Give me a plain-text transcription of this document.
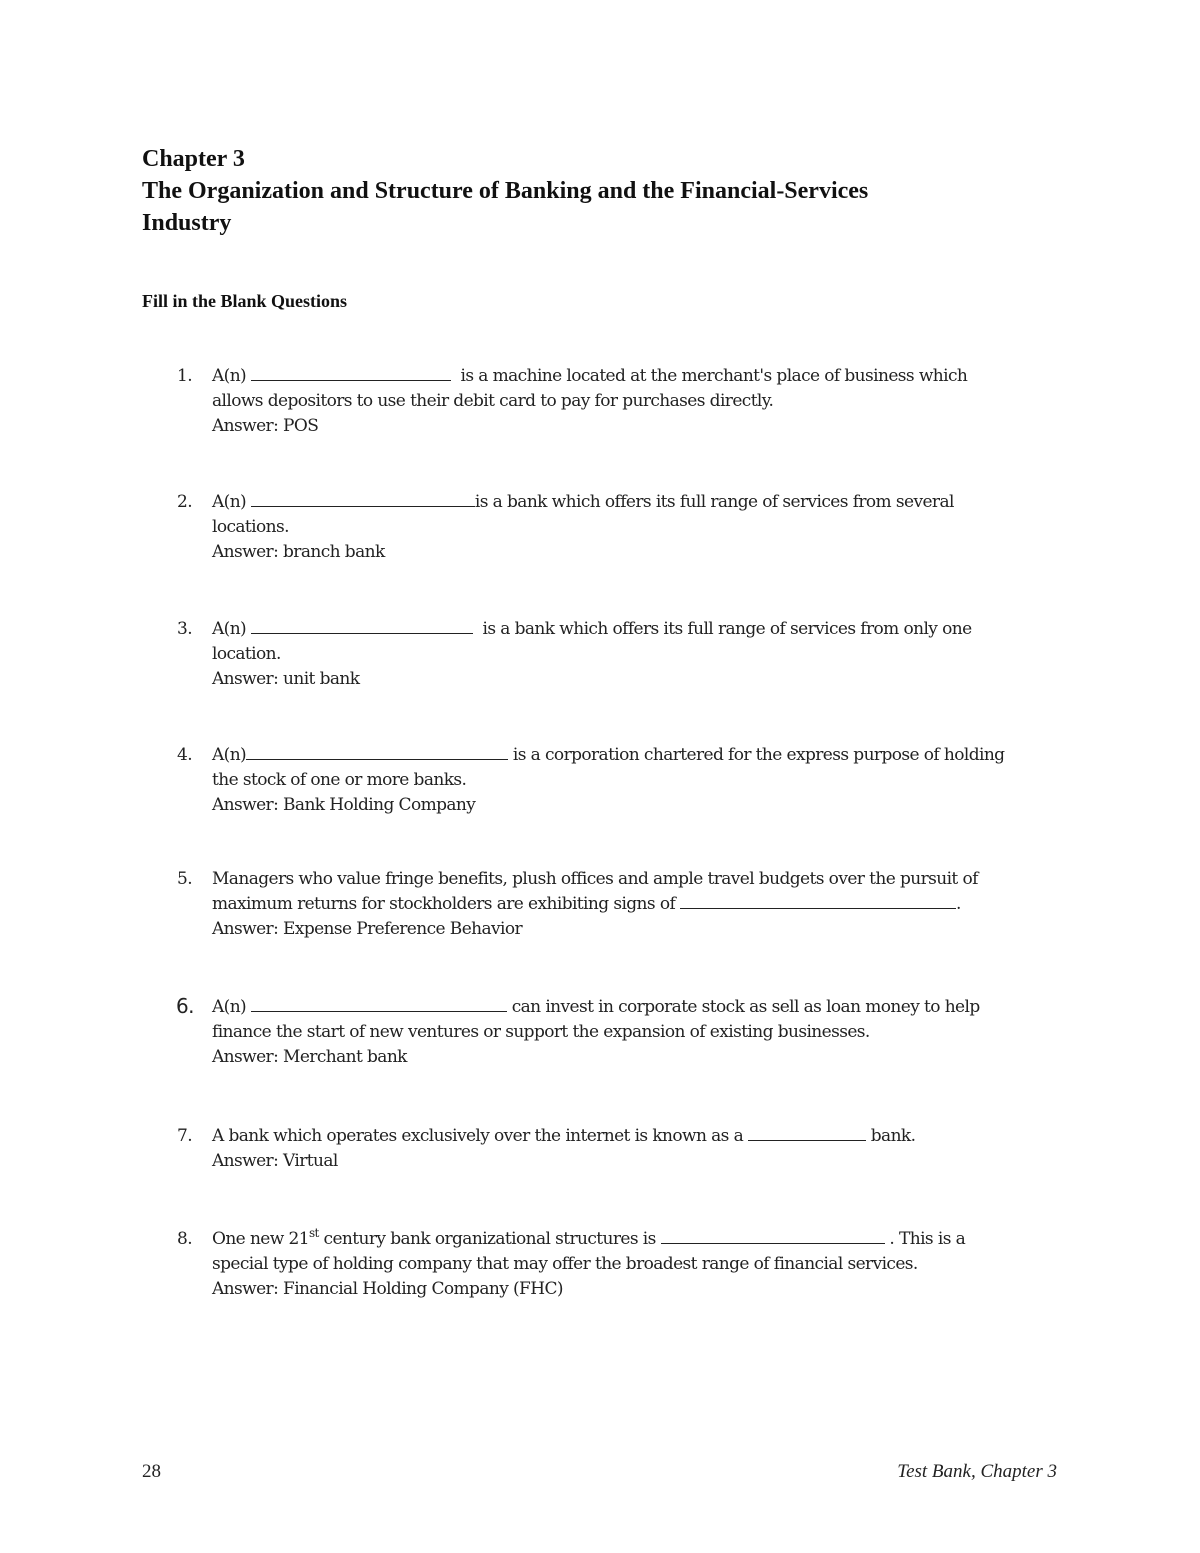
Chapter 3
The Organization and Structure of Banking and the Financial-Services
Industry
Fill in the Blank Questions
1. A(n)	is a machine located at the merchant's place of business which
allows depositors to use their debit card to pay for purchases directly.
Answer: POS
2. A(n)	is a bank which offers its full range of services from several
locations.
Answer: branch bank
3. A(n)	is a bank which offers its full range of services from only one
location.
Answer: unit bank
4. A(n)	is a corporation chartered for the express purpose of holding
the stock of one or more banks.
Answer: Bank Holding Company
5. Managers who value fringe benefits, plush offices and ample travel budgets over the pursuit of
maximum returns for stockholders are exhibiting signs of	.
Answer: Expense Preference Behavior
6. A(n)	can invest in corporate stock as sell as loan money to help
finance the start of new ventures or support the expansion of existing businesses.
Answer: Merchant bank
7. A bank which operates exclusively over the internet is known as a	bank.
Answer: Virtual
8. One new 21st century bank organizational structures is	. This is a
special type of holding company that may offer the broadest range of financial services.
Answer: Financial Holding Company (FHC)
28	Test Bank, Chapter 3
